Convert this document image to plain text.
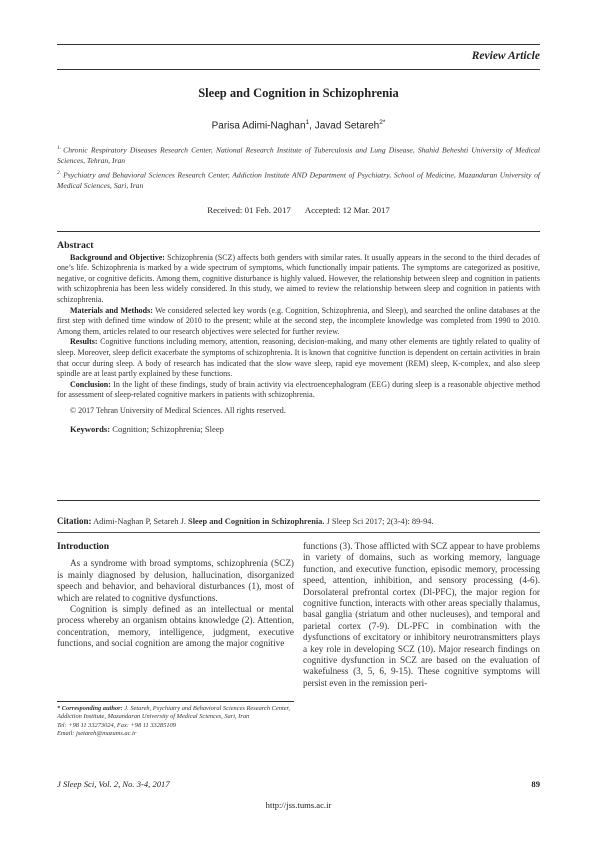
Review Article
Sleep and Cognition in Schizophrenia
Parisa Adimi-Naghan$^1$, Javad Setareh$^{2*}$
$^{1.}$ Chronic Respiratory Diseases Research Center, National Research Institute of Tuberculosis and Lung Disease, Shahid Beheshti University of Medical Sciences, Tehran, Iran
$^{2.}$ Psychiatry and Behavioral Sciences Research Center, Addiction Institute AND Department of Psychiatry, School of Medicine, Mazandaran University of Medical Sciences, Sari, Iran
Received: 01 Feb. 2017 Accepted: 12 Mar. 2017
Abstract

Background and Objective: Schizophrenia (SCZ) affects both genders with similar rates. It usually appears in the second to the third decades of one’s life. Schizophrenia is marked by a wide spectrum of symptoms, which functionally impair patients. The symptoms are categorized as positive, negative, or cognitive deficits. Among them, cognitive disturbance is highly valued. However, the relationship between sleep and cognition in patients with schizophrenia has been less widely considered. In this study, we aimed to review the relationship between sleep and cognition in patients with schizophrenia.

Materials and Methods: We considered selected key words (e.g. Cognition, Schizophrenia, and Sleep), and searched the online databases at the first step with defined time window of 2010 to the present; while at the second step, the incomplete knowledge was completed from 1990 to 2010. Among them, articles related to our research objectives were selected for further review.

Results: Cognitive functions including memory, attention, reasoning, decision-making, and many other elements are tightly related to quality of sleep. Moreover, sleep deficit exacerbate the symptoms of schizophrenia. It is known that cognitive function is dependent on certain activities in brain that occur during sleep. A body of research has indicated that the slow wave sleep, rapid eye movement (REM) sleep, K-complex, and also sleep spindle are at least partly explained by these functions.

Conclusion: In the light of these findings, study of brain activity via electroencephalogram (EEG) during sleep is a reasonable objective method for assessment of sleep-related cognitive markers in patients with schizophrenia.

© 2017 Tehran University of Medical Sciences. All rights reserved.

Keywords: Cognition; Schizophrenia; Sleep

Citation: Adimi-Naghan P, Setareh J. Sleep and Cognition in Schizophrenia. J Sleep Sci 2017; 2(3-4): 89-94.
Introduction

As a syndrome with broad symptoms, schizophrenia (SCZ) is mainly diagnosed by delusion, hallucination, disorganized speech and behavior, and behavioral disturbances (1), most of which are related to cognitive dysfunctions.

Cognition is simply defined as an intellectual or mental process whereby an organism obtains knowledge (2). Attention, concentration, memory, intelligence, judgment, executive functions, and social cognition are among the major cognitive

functions (3). Those afflicted with SCZ appear to have problems in variety of domains, such as working memory, language function, and executive function, episodic memory, processing speed, attention, inhibition, and sensory processing (4-6). Dorsolateral prefrontal cortex (Dl-PFC), the major region for cognitive function, interacts with other areas specially thalamus, basal ganglia (striatum and other nucleuses), and temporal and parietal cortex (7-9). DL-PFC in combination with the dysfunctions of excitatory or inhibitory neurotransmitters plays a key role in developing SCZ (10). Major research findings on cognitive dysfunction in SCZ are based on the evaluation of wakefulness (3, 5, 6, 9-15). These cognitive symptoms will persist even in the remission peri-

* Corresponding author: J. Setareh, Psychiatry and Behavioral Sciences Research Center, Addiction Institute, Mazandaran University of Medical Sciences, Sari, Iran
Tel: +98 11 33273024, Fax: +98 11 33285109
Email: jsetareh@mazums.ac.ir
J Sleep Sci, Vol. 2, No. 3-4, 2017	89
http://jss.tums.ac.ir
